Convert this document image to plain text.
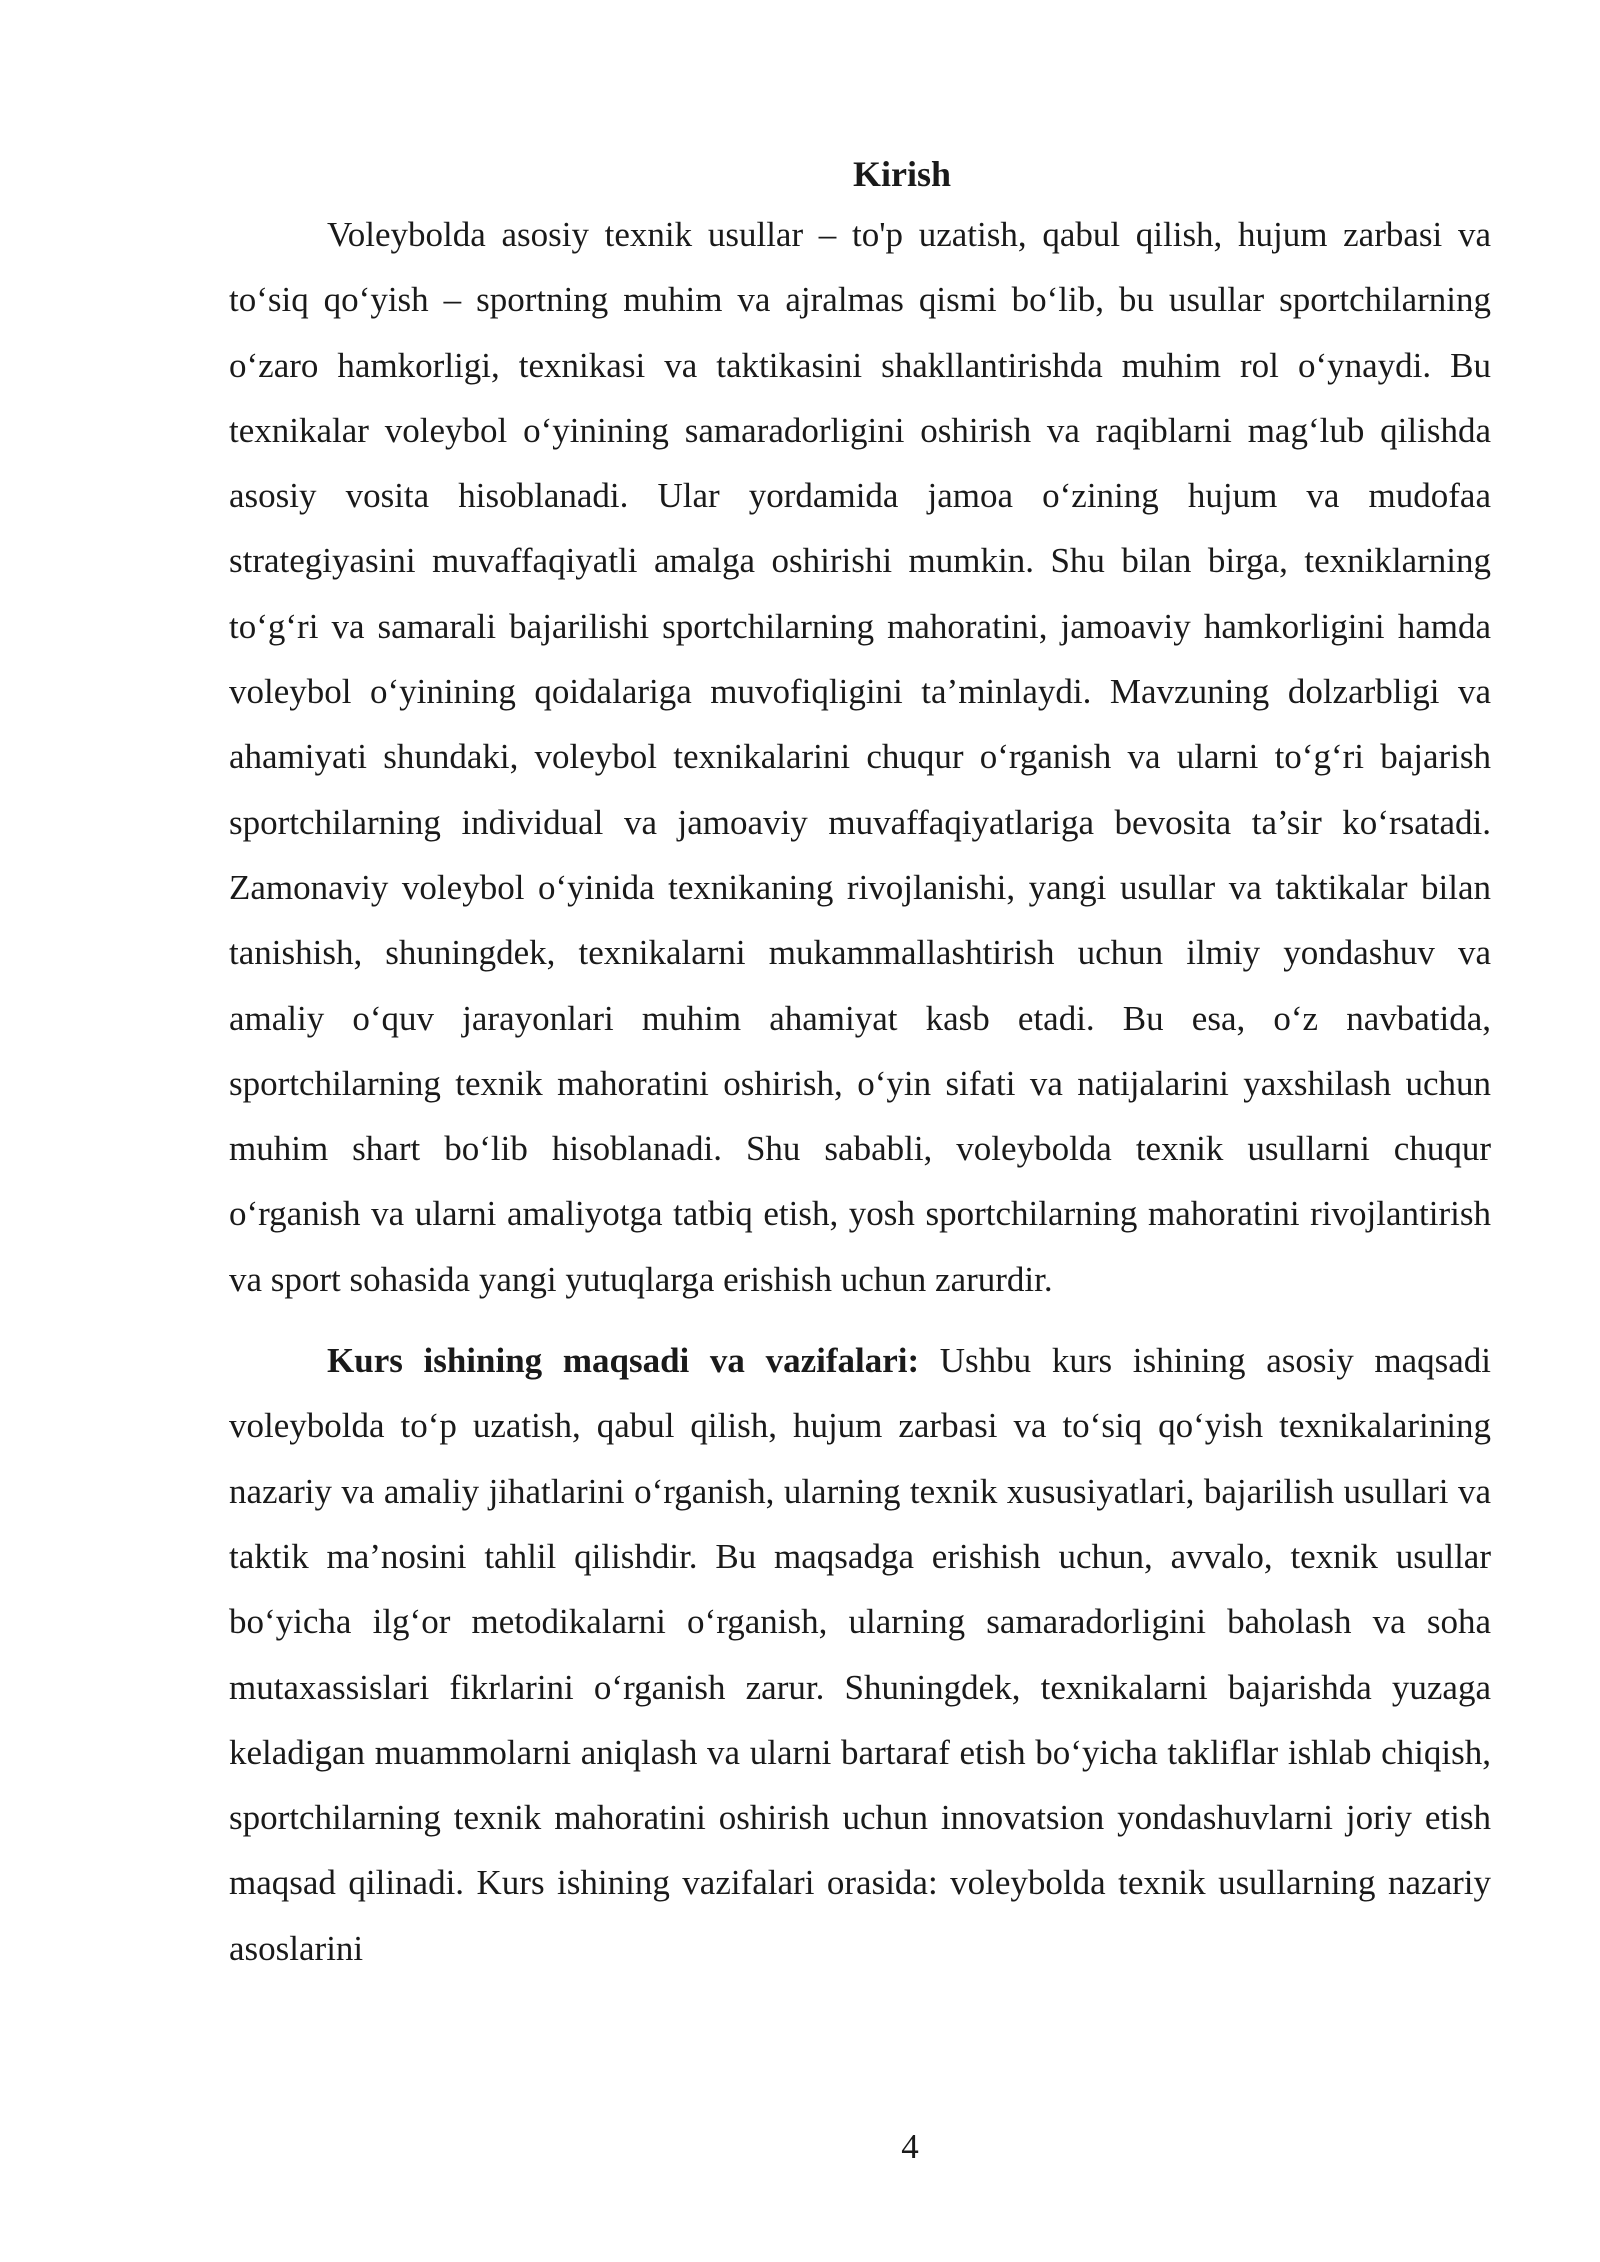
Kirish

Voleybolda asosiy texnik usullar – to'p uzatish, qabul qilish, hujum zarbasi va to‘siq qo‘yish – sportning muhim va ajralmas qismi bo‘lib, bu usullar sportchilarning o‘zaro hamkorligi, texnikasi va taktikasini shakllantirishda muhim rol o‘ynaydi. Bu texnikalar voleybol o‘yinining samaradorligini oshirish va raqiblarni mag‘lub qilishda asosiy vosita hisoblanadi. Ular yordamida jamoa o‘zining hujum va mudofaa strategiyasini muvaffaqiyatli amalga oshirishi mumkin. Shu bilan birga, texniklarning to‘g‘ri va samarali bajarilishi sportchilarning mahoratini, jamoaviy hamkorligini hamda voleybol o‘yinining qoidalariga muvofiqligini ta’minlaydi. Mavzuning dolzarbligi va ahamiyati shundaki, voleybol texnikalarini chuqur o‘rganish va ularni to‘g‘ri bajarish sportchilarning individual va jamoaviy muvaffaqiyatlariga bevosita ta’sir ko‘rsatadi. Zamonaviy voleybol o‘yinida texnikaning rivojlanishi, yangi usullar va taktikalar bilan tanishish, shuningdek, texnikalarni mukammallashtirish uchun ilmiy yondashuv va amaliy o‘quv jarayonlari muhim ahamiyat kasb etadi. Bu esa, o‘z navbatida, sportchilarning texnik mahoratini oshirish, o‘yin sifati va natijalarini yaxshilash uchun muhim shart bo‘lib hisoblanadi. Shu sababli, voleybolda texnik usullarni chuqur o‘rganish va ularni amaliyotga tatbiq etish, yosh sportchilarning mahoratini rivojlantirish va sport sohasida yangi yutuqlarga erishish uchun zarurdir.

Kurs ishining maqsadi va vazifalari: Ushbu kurs ishining asosiy maqsadi voleybolda to‘p uzatish, qabul qilish, hujum zarbasi va to‘siq qo‘yish texnikalarining nazariy va amaliy jihatlarini o‘rganish, ularning texnik xususiyatlari, bajarilish usullari va taktik ma’nosini tahlil qilishdir. Bu maqsadga erishish uchun, avvalo, texnik usullar bo‘yicha ilg‘or metodikalarni o‘rganish, ularning samaradorligini baholash va soha mutaxassislari fikrlarini o‘rganish zarur. Shuningdek, texnikalarni bajarishda yuzaga keladigan muammolarni aniqlash va ularni bartaraf etish bo‘yicha takliflar ishlab chiqish, sportchilarning texnik mahoratini oshirish uchun innovatsion yondashuvlarni joriy etish maqsad qilinadi. Kurs ishining vazifalari orasida: voleybolda texnik usullarning nazariy asoslarini

4
